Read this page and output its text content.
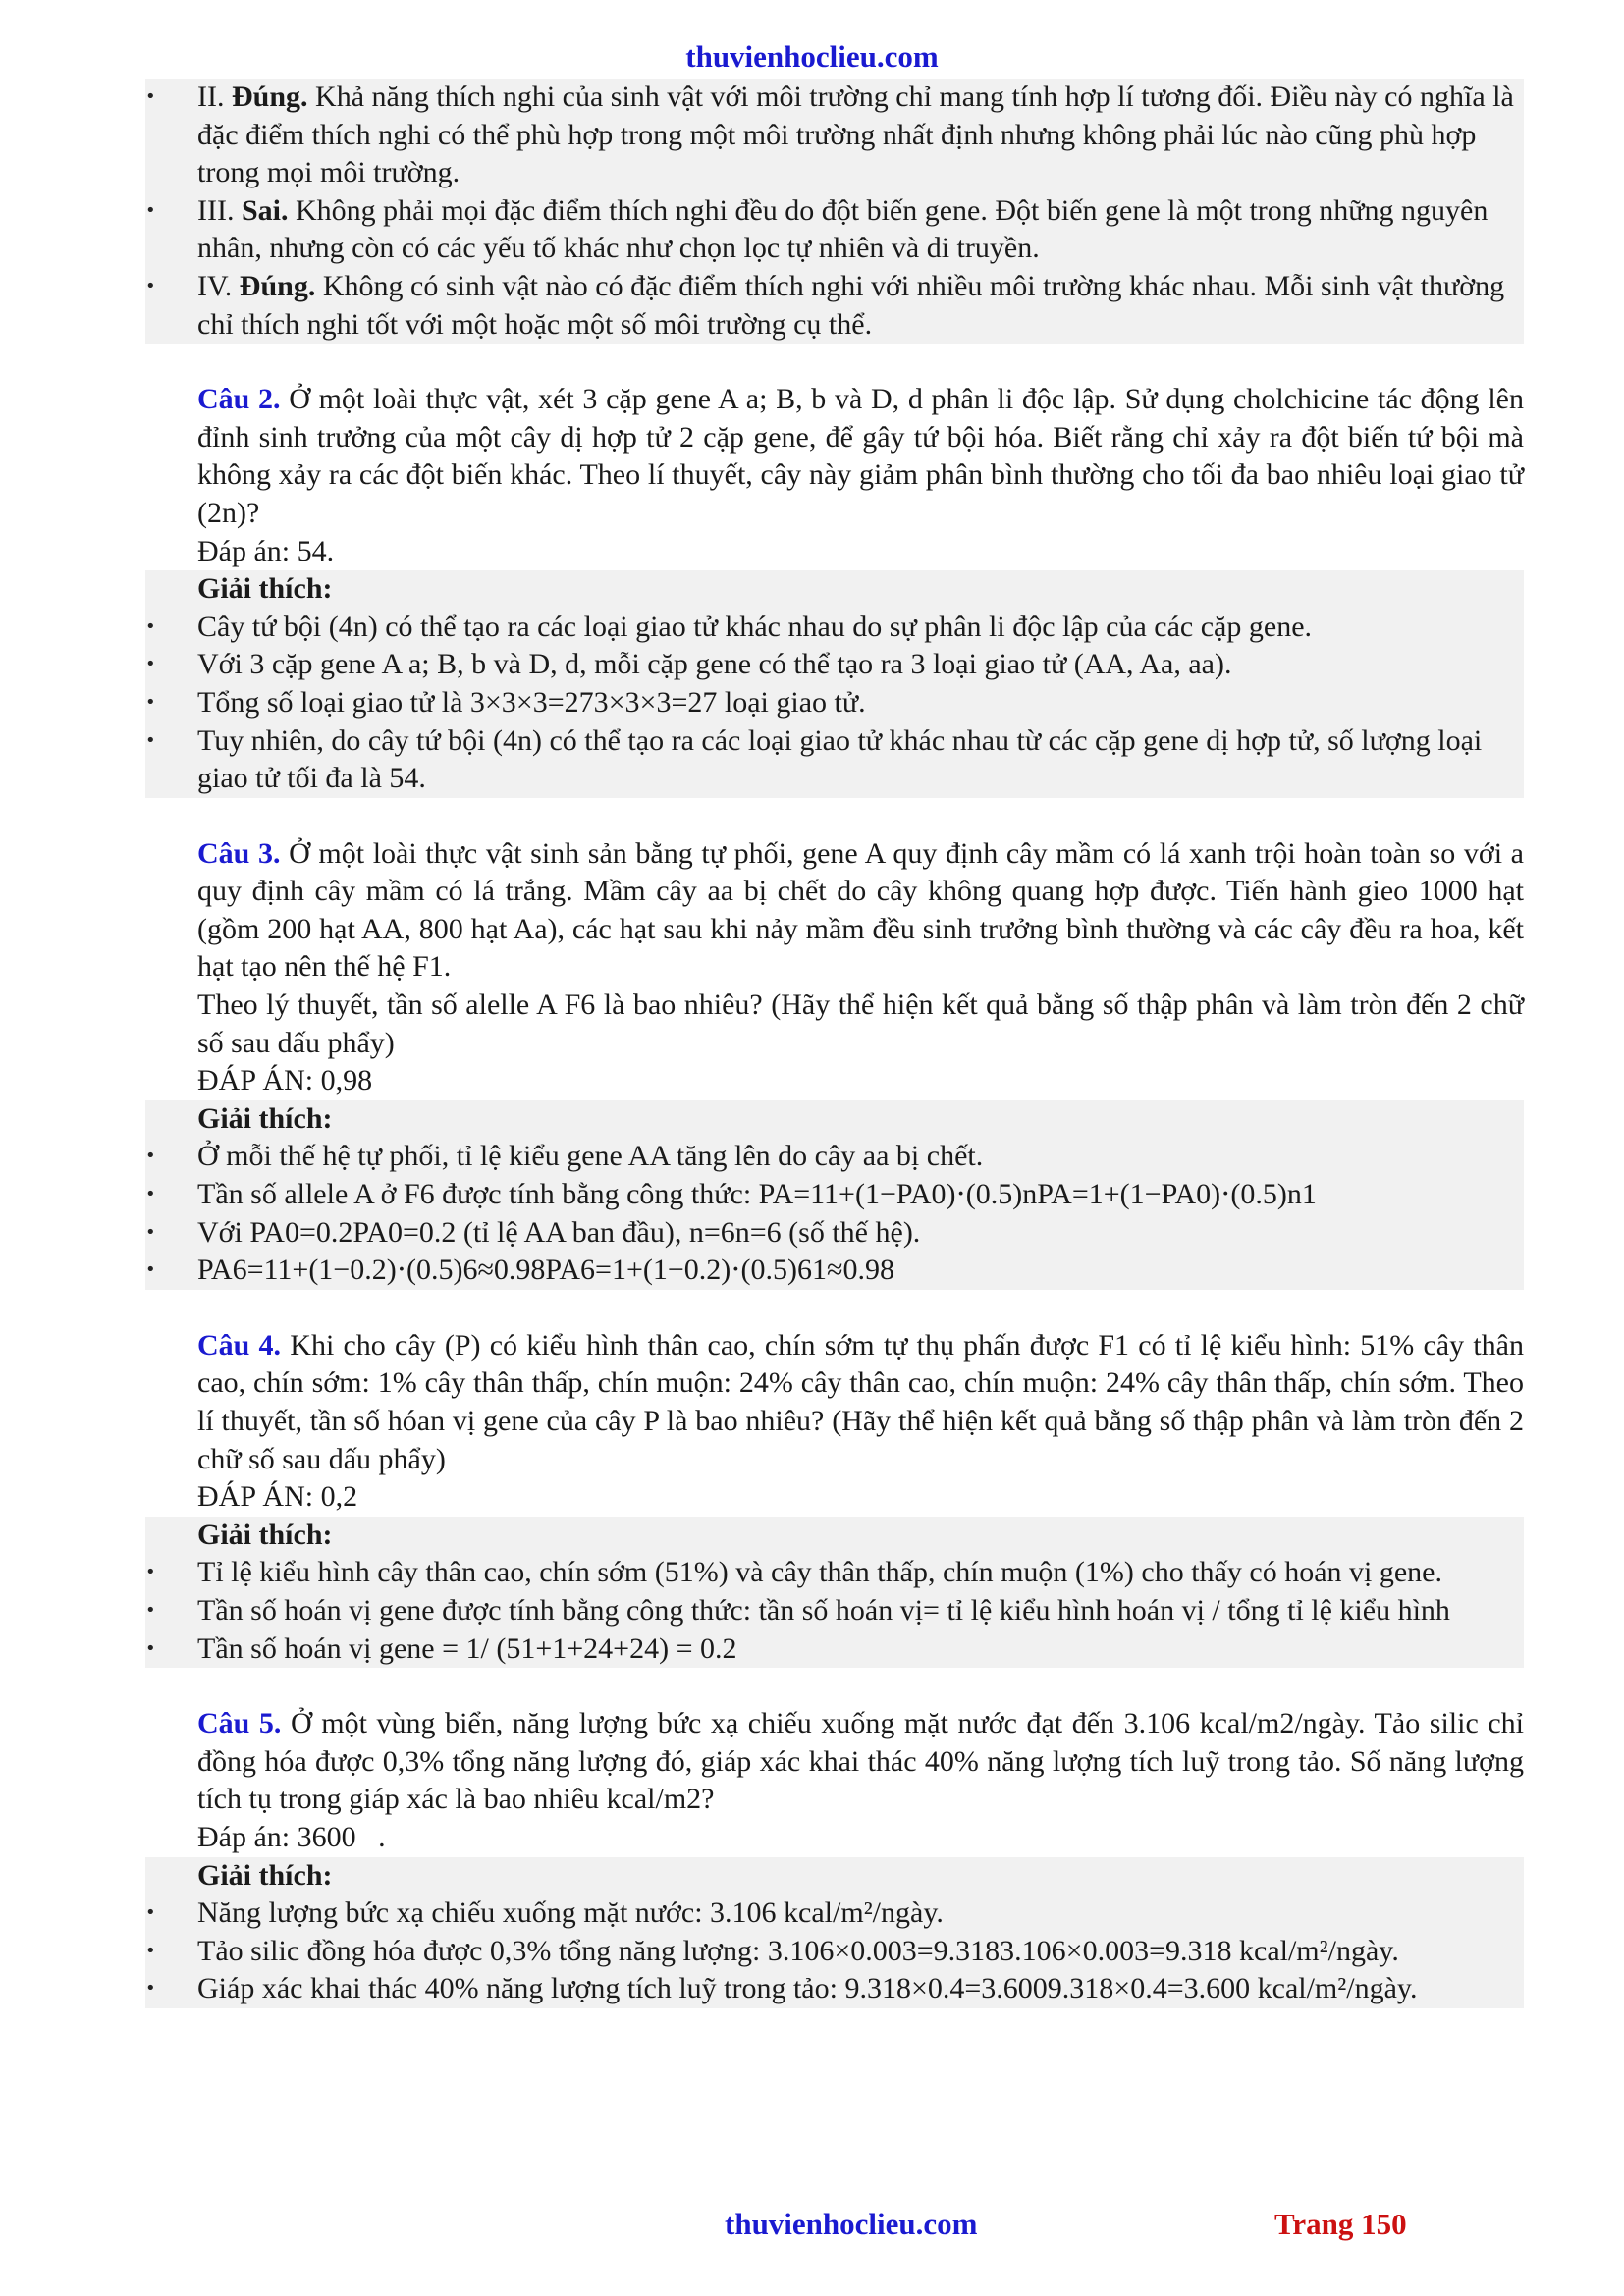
thuvienhoclieu.com
• II. Đúng. Khả năng thích nghi của sinh vật với môi trường chỉ mang tính hợp lí tương đối. Điều này có nghĩa là đặc điểm thích nghi có thể phù hợp trong một môi trường nhất định nhưng không phải lúc nào cũng phù hợp trong mọi môi trường.
• III. Sai. Không phải mọi đặc điểm thích nghi đều do đột biến gene. Đột biến gene là một trong những nguyên nhân, nhưng còn có các yếu tố khác như chọn lọc tự nhiên và di truyền.
• IV. Đúng. Không có sinh vật nào có đặc điểm thích nghi với nhiều môi trường khác nhau. Mỗi sinh vật thường chỉ thích nghi tốt với một hoặc một số môi trường cụ thể.
Câu 2. Ở một loài thực vật, xét 3 cặp gene A a; B, b và D, d phân li độc lập. Sử dụng cholchicine tác động lên đỉnh sinh trưởng của một cây dị hợp tử 2 cặp gene, để gây tứ bội hóa. Biết rằng chỉ xảy ra đột biến tứ bội mà không xảy ra các đột biến khác. Theo lí thuyết, cây này giảm phân bình thường cho tối đa bao nhiêu loại giao tử (2n)?
Đáp án: 54.
Giải thích:
• Cây tứ bội (4n) có thể tạo ra các loại giao tử khác nhau do sự phân li độc lập của các cặp gene.
• Với 3 cặp gene A a; B, b và D, d, mỗi cặp gene có thể tạo ra 3 loại giao tử (AA, Aa, aa).
• Tổng số loại giao tử là 3×3×3=273×3×3=27 loại giao tử.
• Tuy nhiên, do cây tứ bội (4n) có thể tạo ra các loại giao tử khác nhau từ các cặp gene dị hợp tử, số lượng loại giao tử tối đa là 54.
Câu 3. Ở một loài thực vật sinh sản bằng tự phối, gene A quy định cây mầm có lá xanh trội hoàn toàn so với a quy định cây mầm có lá trắng. Mầm cây aa bị chết do cây không quang hợp được. Tiến hành gieo 1000 hạt (gồm 200 hạt AA, 800 hạt Aa), các hạt sau khi nảy mầm đều sinh trưởng bình thường và các cây đều ra hoa, kết hạt tạo nên thế hệ F1.
Theo lý thuyết, tần số alelle A F6 là bao nhiêu? (Hãy thể hiện kết quả bằng số thập phân và làm tròn đến 2 chữ số sau dấu phẩy)
ĐÁP ÁN: 0,98
Giải thích:
• Ở mỗi thế hệ tự phối, tỉ lệ kiểu gene AA tăng lên do cây aa bị chết.
• Tần số allele A ở F6 được tính bằng công thức: PA=11+(1−PA0)⋅(0.5)nPA=1+(1−PA0)⋅(0.5)n1
• Với PA0=0.2PA0=0.2 (tỉ lệ AA ban đầu), n=6n=6 (số thế hệ).
• PA6=11+(1−0.2)⋅(0.5)6≈0.98PA6=1+(1−0.2)⋅(0.5)61≈0.98
Câu 4. Khi cho cây (P) có kiểu hình thân cao, chín sớm tự thụ phấn được F1 có tỉ lệ kiểu hình: 51% cây thân cao, chín sớm: 1% cây thân thấp, chín muộn: 24% cây thân cao, chín muộn: 24% cây thân thấp, chín sớm. Theo lí thuyết, tần số hóan vị gene của cây P là bao nhiêu? (Hãy thể hiện kết quả bằng số thập phân và làm tròn đến 2 chữ số sau dấu phẩy)
ĐÁP ÁN: 0,2
Giải thích:
• Tỉ lệ kiểu hình cây thân cao, chín sớm (51%) và cây thân thấp, chín muộn (1%) cho thấy có hoán vị gene.
• Tần số hoán vị gene được tính bằng công thức: tần số hoán vị= tỉ lệ kiểu hình hoán vị / tổng tỉ lệ kiểu hình
• Tần số hoán vị gene = 1/ (51+1+24+24) = 0.2
Câu 5. Ở một vùng biển, năng lượng bức xạ chiếu xuống mặt nước đạt đến 3.106 kcal/m2/ngày. Tảo silic chỉ đồng hóa được 0,3% tổng năng lượng đó, giáp xác khai thác 40% năng lượng tích luỹ trong tảo. Số năng lượng tích tụ trong giáp xác là bao nhiêu kcal/m2?
Đáp án: 3600   .
Giải thích:
• Năng lượng bức xạ chiếu xuống mặt nước: 3.106 kcal/m²/ngày.
• Tảo silic đồng hóa được 0,3% tổng năng lượng: 3.106×0.003=9.3183.106×0.003=9.318 kcal/m²/ngày.
• Giáp xác khai thác 40% năng lượng tích luỹ trong tảo: 9.318×0.4=3.6009.318×0.4=3.600 kcal/m²/ngày.
thuvienhoclieu.com	Trang 150
